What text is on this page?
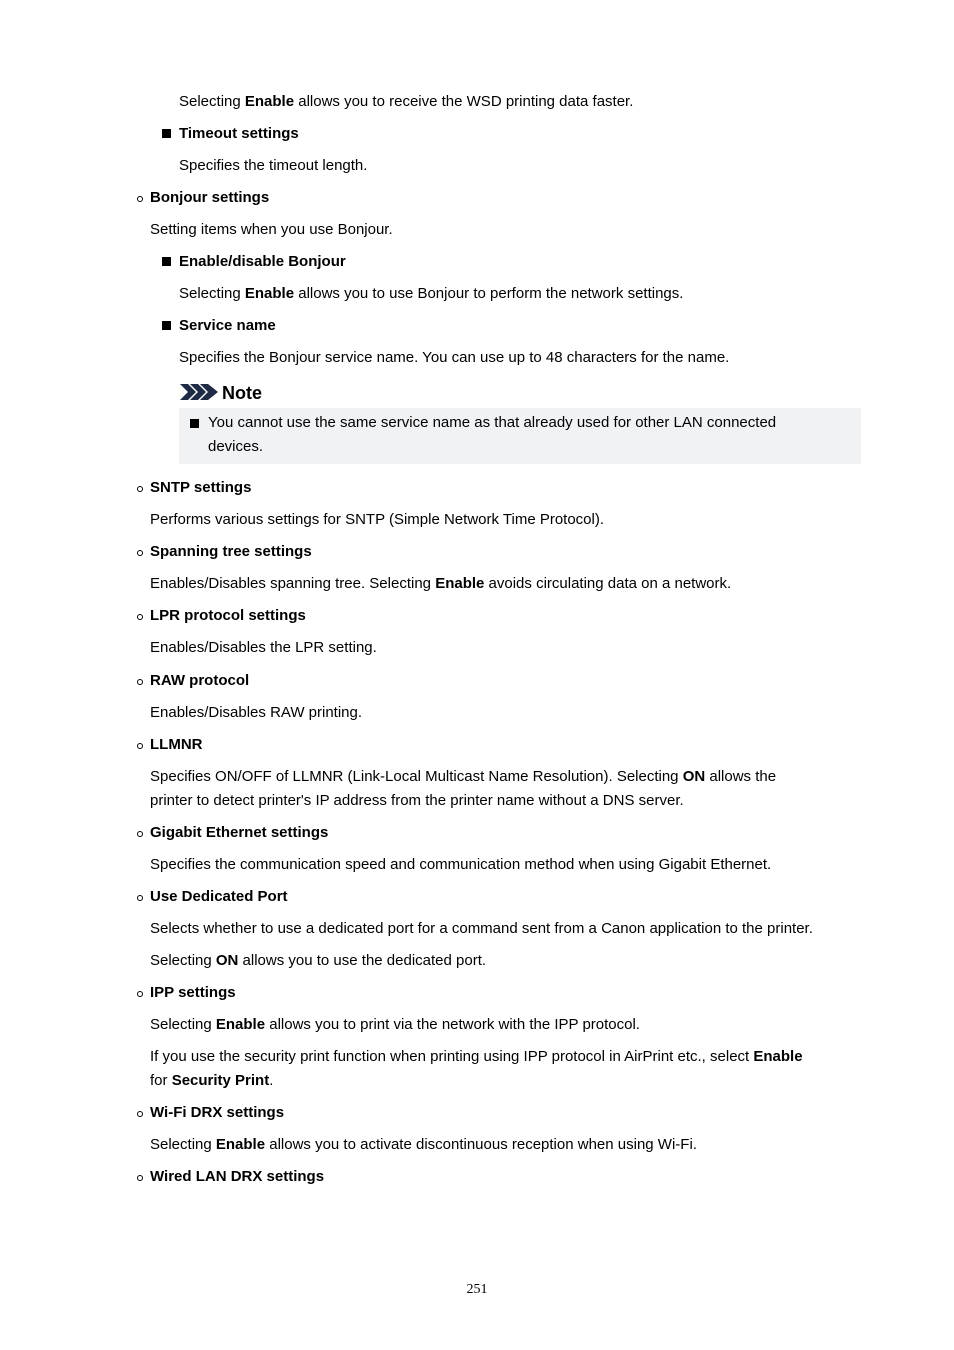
Selecting Enable allows you to receive the WSD printing data faster.
Timeout settings
Specifies the timeout length.
Bonjour settings
Setting items when you use Bonjour.
Enable/disable Bonjour
Selecting Enable allows you to use Bonjour to perform the network settings.
Service name
Specifies the Bonjour service name. You can use up to 48 characters for the name.
Note
You cannot use the same service name as that already used for other LAN connected
devices.
SNTP settings
Performs various settings for SNTP (Simple Network Time Protocol).
Spanning tree settings
Enables/Disables spanning tree. Selecting Enable avoids circulating data on a network.
LPR protocol settings
Enables/Disables the LPR setting.
RAW protocol
Enables/Disables RAW printing.
LLMNR
Specifies ON/OFF of LLMNR (Link-Local Multicast Name Resolution). Selecting ON allows the
printer to detect printer's IP address from the printer name without a DNS server.
Gigabit Ethernet settings
Specifies the communication speed and communication method when using Gigabit Ethernet.
Use Dedicated Port
Selects whether to use a dedicated port for a command sent from a Canon application to the printer.
Selecting ON allows you to use the dedicated port.
IPP settings
Selecting Enable allows you to print via the network with the IPP protocol.
If you use the security print function when printing using IPP protocol in AirPrint etc., select Enable
for Security Print.
Wi-Fi DRX settings
Selecting Enable allows you to activate discontinuous reception when using Wi-Fi.
Wired LAN DRX settings
251
